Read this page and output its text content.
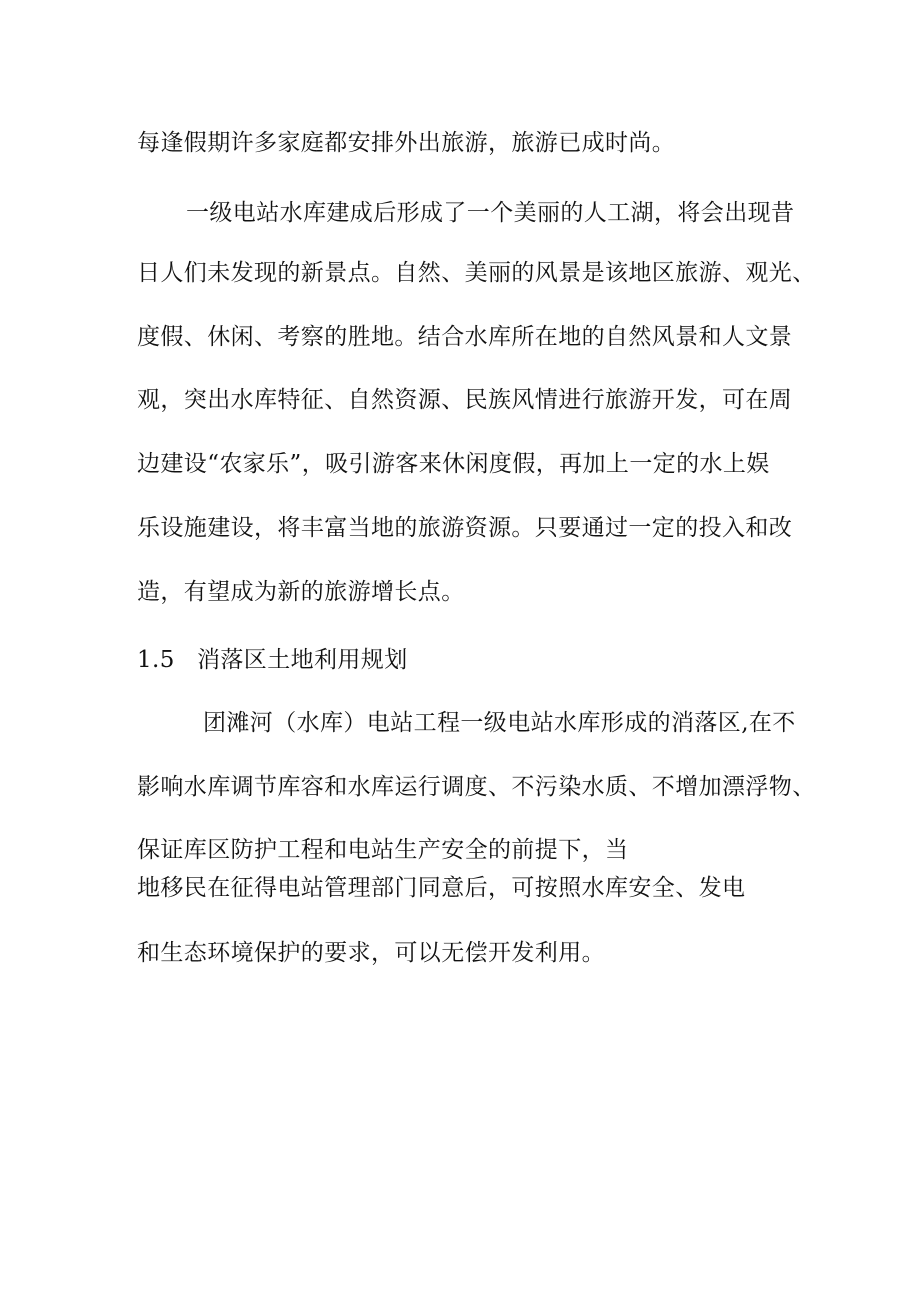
每逢假期许多家庭都安排外出旅游，旅游已成时尚。
一级电站水库建成后形成了一个美丽的人工湖，将会出现昔
日人们未发现的新景点。自然、美丽的风景是该地区旅游、观光、
度假、休闲、考察的胜地。结合水库所在地的自然风景和人文景
观，突出水库特征、自然资源、民族风情进行旅游开发，可在周
边建设“农家乐”，吸引游客来休闲度假，再加上一定的水上娱
乐设施建设，将丰富当地的旅游资源。只要通过一定的投入和改
造，有望成为新的旅游增长点。
1.5 消落区土地利用规划
团滩河（水库）电站工程一级电站水库形成的消落区,在不
影响水库调节库容和水库运行调度、不污染水质、不增加漂浮物、
保证库区防护工程和电站生产安全的前提下，当
地移民在征得电站管理部门同意后，可按照水库安全、发电
和生态环境保护的要求，可以无偿开发利用。
